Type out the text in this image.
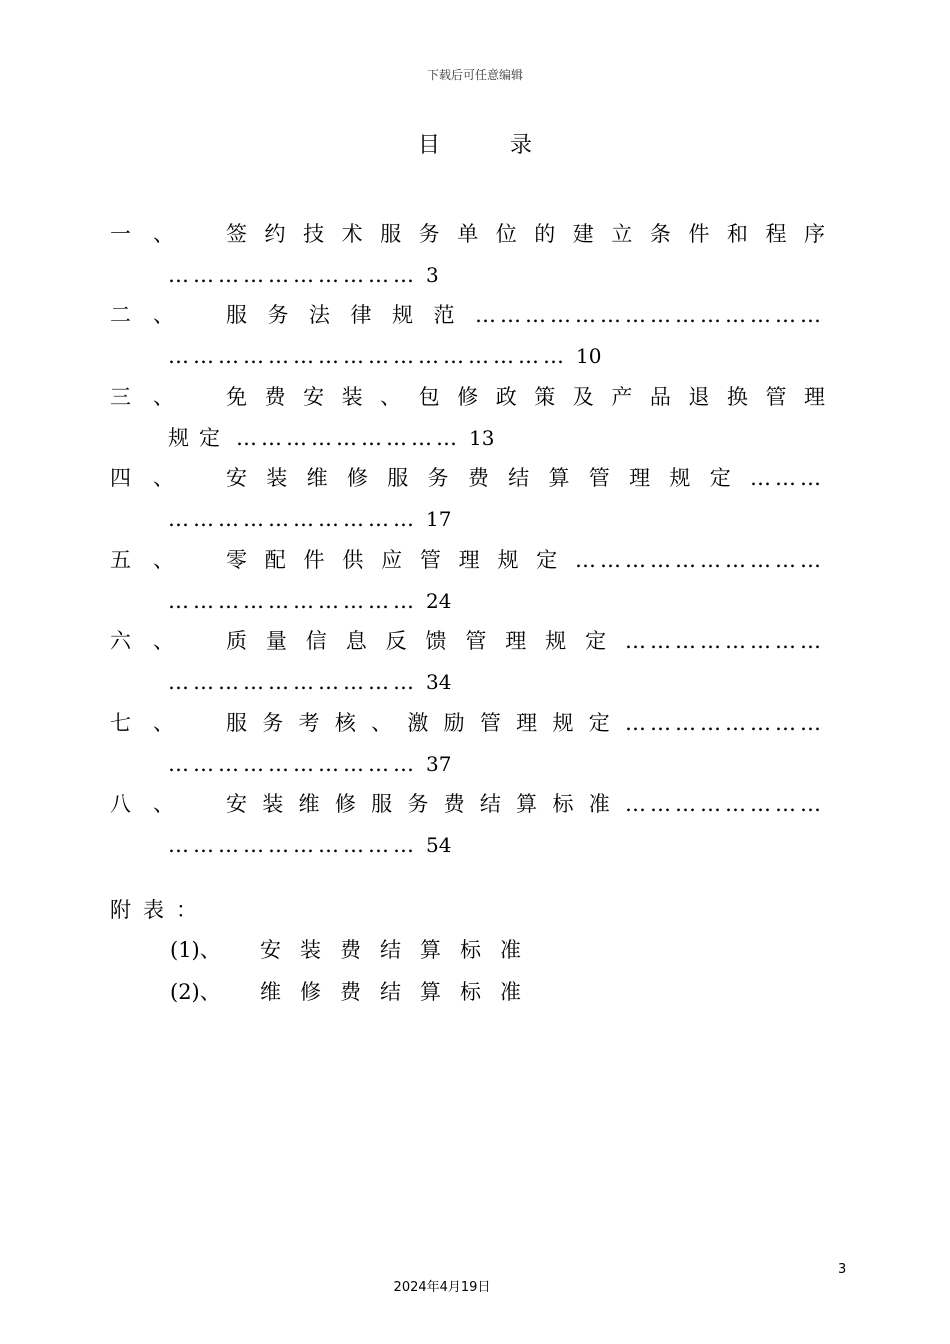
下载后可任意编辑
目	录
一、 签约技术服务单位的建立条件和程序
………………………… 3
二、 服务法律规范……………………………………
………………………………………… 10
三、 免费安装、包修政策及产品退换管理
规定 ……………………… 13
四、 安装维修服务费结算管理规定………
………………………… 17
五、 零配件供应管理规定…………………………
………………………… 24
六、 质量信息反馈管理规定……………………
………………………… 34
七、 服务考核、激励管理规定……………………
………………………… 37
八、 安装维修服务费结算标准……………………
………………………… 54
附表：
(1)、 安装费结算标准
(2)、 维修费结算标准
3
2024年4月19日
